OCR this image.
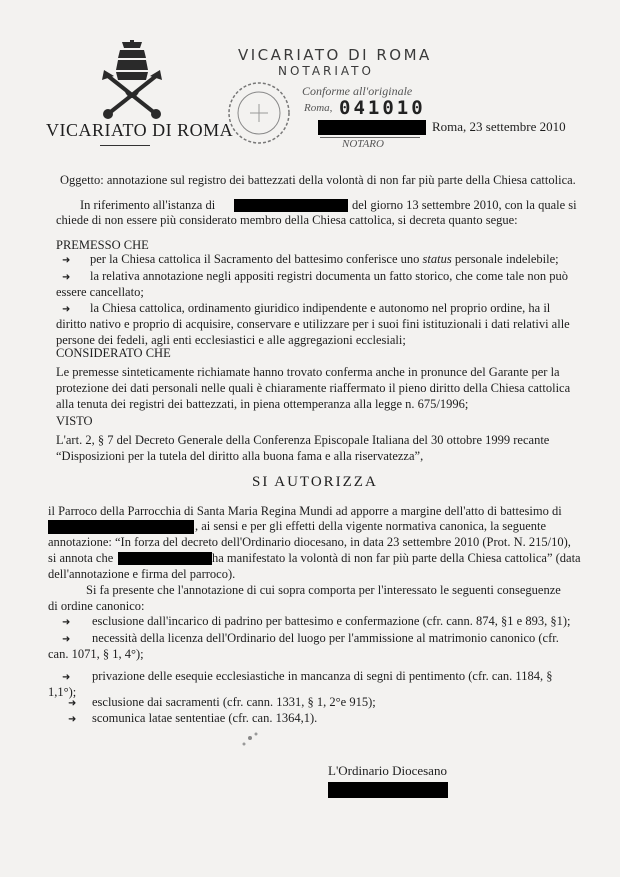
VICARIATO DI ROMA
VICARIATO DI ROMA
NOTARIATO
Conforme all'originale
Roma, 041010
NOTARO
Roma, 23 settembre 2010
Oggetto: annotazione sul registro dei battezzati della volontà di non far più parte della Chiesa cattolica.
In riferimento all'istanza di	del giorno 13 settembre 2010, con la quale si
chiede di non essere più considerato membro della Chiesa cattolica, si decreta quanto segue:
PREMESSO CHE
➜ per la Chiesa cattolica il Sacramento del battesimo conferisce uno status personale indelebile;
➜ la relativa annotazione negli appositi registri documenta un fatto storico, che come tale non può
essere cancellato;
➜ la Chiesa cattolica, ordinamento giuridico indipendente e autonomo nel proprio ordine, ha il
diritto nativo e proprio di acquisire, conservare e utilizzare per i suoi fini istituzionali i dati relativi alle
persone dei fedeli, agli enti ecclesiastici e alle aggregazioni ecclesiali;
CONSIDERATO CHE
Le premesse sinteticamente richiamate hanno trovato conferma anche in pronunce del Garante per la
protezione dei dati personali nelle quali è chiaramente riaffermato il pieno diritto della Chiesa cattolica
alla tenuta dei registri dei battezzati, in piena ottemperanza alla legge n. 675/1996;
VISTO
L'art. 2, § 7 del Decreto Generale della Conferenza Episcopale Italiana del 30 ottobre 1999 recante
“Disposizioni per la tutela del diritto alla buona fama e alla riservatezza”,
SI AUTORIZZA
il Parroco della Parrocchia di Santa Maria Regina Mundi ad apporre a margine dell'atto di battesimo di
, ai sensi e per gli effetti della vigente normativa canonica, la seguente
annotazione: “In forza del decreto dell'Ordinario diocesano, in data 23 settembre 2010 (Prot. N. 215/10),
si annota che	ha manifestato la volontà di non far più parte della Chiesa cattolica” (data
dell'annotazione e firma del parroco).
Si fa presente che l'annotazione di cui sopra comporta per l'interessato le seguenti conseguenze
di ordine canonico:
➜ esclusione dall'incarico di padrino per battesimo e confermazione (cfr. cann. 874, §1 e 893, §1);
➜ necessità della licenza dell'Ordinario del luogo per l'ammissione al matrimonio canonico (cfr.
can. 1071, § 1, 4°);
➜ privazione delle esequie ecclesiastiche in mancanza di segni di pentimento (cfr. can. 1184, §
1,1°);
➜ esclusione dai sacramenti (cfr. cann. 1331, § 1, 2°e 915);
➜ scomunica latae sententiae (cfr. can. 1364,1).
L'Ordinario Diocesano
